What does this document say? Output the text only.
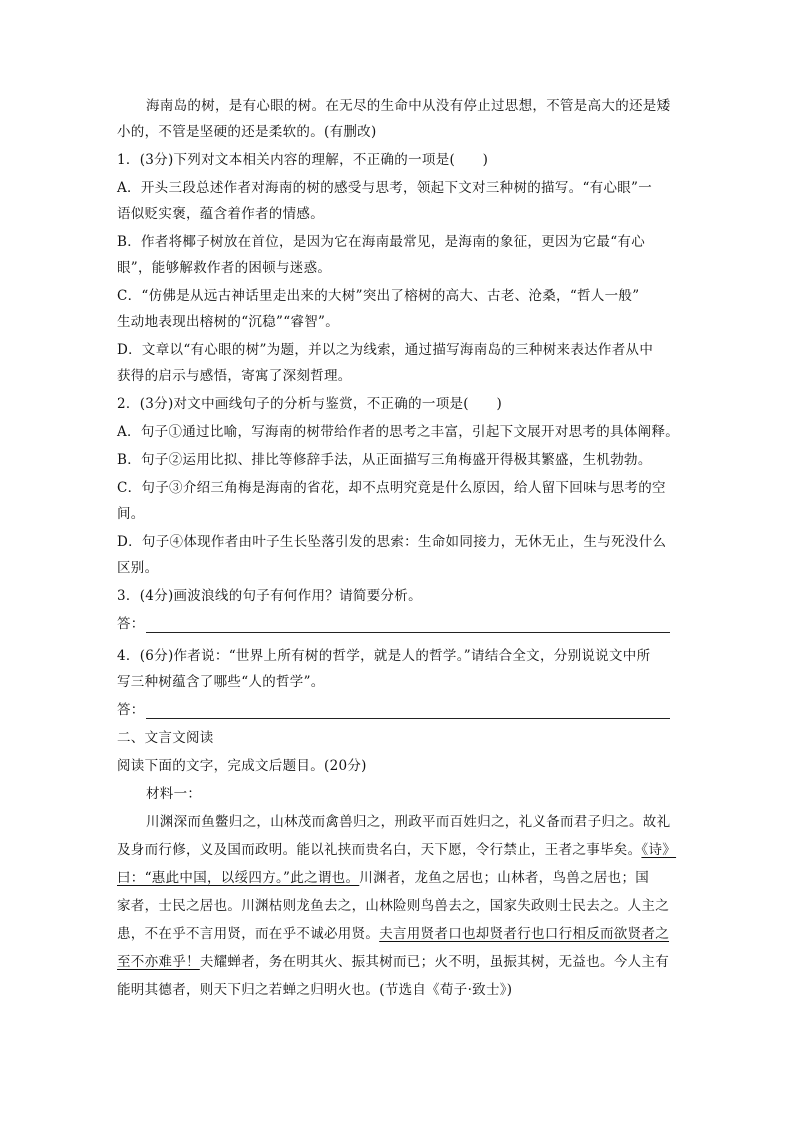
海南岛的树，是有心眼的树。在无尽的生命中从没有停止过思想，不管是高大的还是矮
小的，不管是坚硬的还是柔软的。(有删改)
1．(3分)下列对文本相关内容的理解，不正确的一项是(　　)
A．开头三段总述作者对海南的树的感受与思考，领起下文对三种树的描写。“有心眼”一
语似贬实褒，蕴含着作者的情感。
B．作者将椰子树放在首位，是因为它在海南最常见，是海南的象征，更因为它最“有心
眼”，能够解救作者的困顿与迷惑。
C．“仿佛是从远古神话里走出来的大树”突出了榕树的高大、古老、沧桑，“哲人一般”
生动地表现出榕树的“沉稳”“睿智”。
D．文章以“有心眼的树”为题，并以之为线索，通过描写海南岛的三种树来表达作者从中
获得的启示与感悟，寄寓了深刻哲理。
2．(3分)对文中画线句子的分析与鉴赏，不正确的一项是(　　)
A．句子①通过比喻，写海南的树带给作者的思考之丰富，引起下文展开对思考的具体阐释。
B．句子②运用比拟、排比等修辞手法，从正面描写三角梅盛开得极其繁盛，生机勃勃。
C．句子③介绍三角梅是海南的省花，却不点明究竟是什么原因，给人留下回味与思考的空
间。
D．句子④体现作者由叶子生长坠落引发的思索：生命如同接力，无休无止，生与死没什么
区别。
3．(4分)画波浪线的句子有何作用？请简要分析。
答：
4．(6分)作者说：“世界上所有树的哲学，就是人的哲学。”请结合全文，分别说说文中所
写三种树蕴含了哪些“人的哲学”。
答：
二、文言文阅读
阅读下面的文字，完成文后题目。(20分)
材料一：
川渊深而鱼鳖归之，山林茂而禽兽归之，刑政平而百姓归之，礼义备而君子归之。故礼
及身而行修，义及国而政明。能以礼挟而贵名白，天下愿，令行禁止，王者之事毕矣。《诗》
曰：“惠此中国，以绥四方。”此之谓也。川渊者，龙鱼之居也；山林者，鸟兽之居也；国
家者，士民之居也。川渊枯则龙鱼去之，山林险则鸟兽去之，国家失政则士民去之。人主之
患，不在乎不言用贤，而在乎不诚必用贤。夫言用贤者口也却贤者行也口行相反而欲贤者之
至不亦难乎！夫耀蝉者，务在明其火、振其树而已；火不明，虽振其树，无益也。今人主有
能明其德者，则天下归之若蝉之归明火也。(节选自《荀子·致士》)
